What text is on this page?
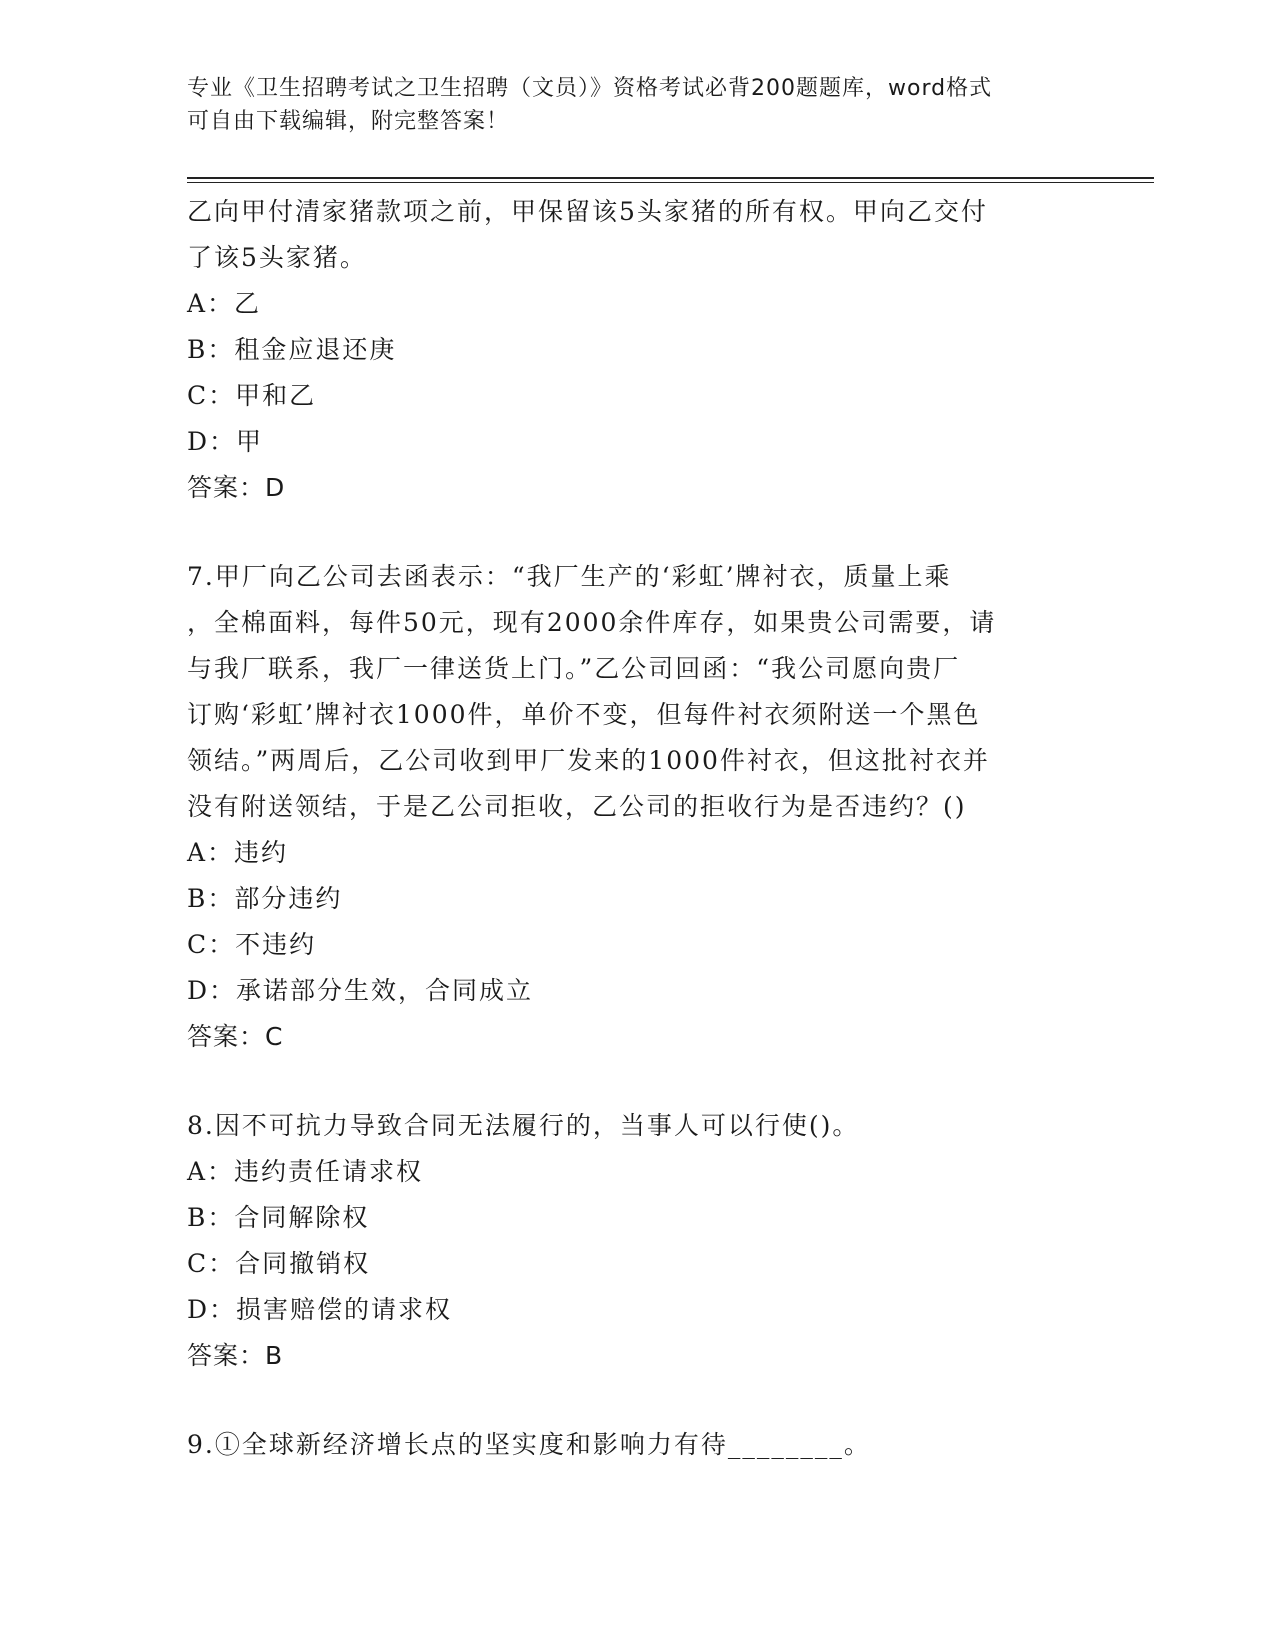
专业《卫生招聘考试之卫生招聘（文员）》资格考试必背200题题库，word格式
可自由下载编辑，附完整答案！
乙向甲付清家猪款项之前，甲保留该5头家猪的所有权。甲向乙交付
了该5头家猪。
A：乙
B：租金应退还庚
C：甲和乙
D：甲
答案：D
7.甲厂向乙公司去函表示：“我厂生产的‘彩虹’牌衬衣，质量上乘
，全棉面料，每件50元，现有2000余件库存，如果贵公司需要，请
与我厂联系，我厂一律送货上门。”乙公司回函：“我公司愿向贵厂
订购‘彩虹’牌衬衣1000件，单价不变，但每件衬衣须附送一个黑色
领结。”两周后，乙公司收到甲厂发来的1000件衬衣，但这批衬衣并
没有附送领结，于是乙公司拒收，乙公司的拒收行为是否违约？()
A：违约
B：部分违约
C：不违约
D：承诺部分生效，合同成立
答案：C
8.因不可抗力导致合同无法履行的，当事人可以行使()。
A：违约责任请求权
B：合同解除权
C：合同撤销权
D：损害赔偿的请求权
答案：B
9.①全球新经济增长点的坚实度和影响力有待________。
